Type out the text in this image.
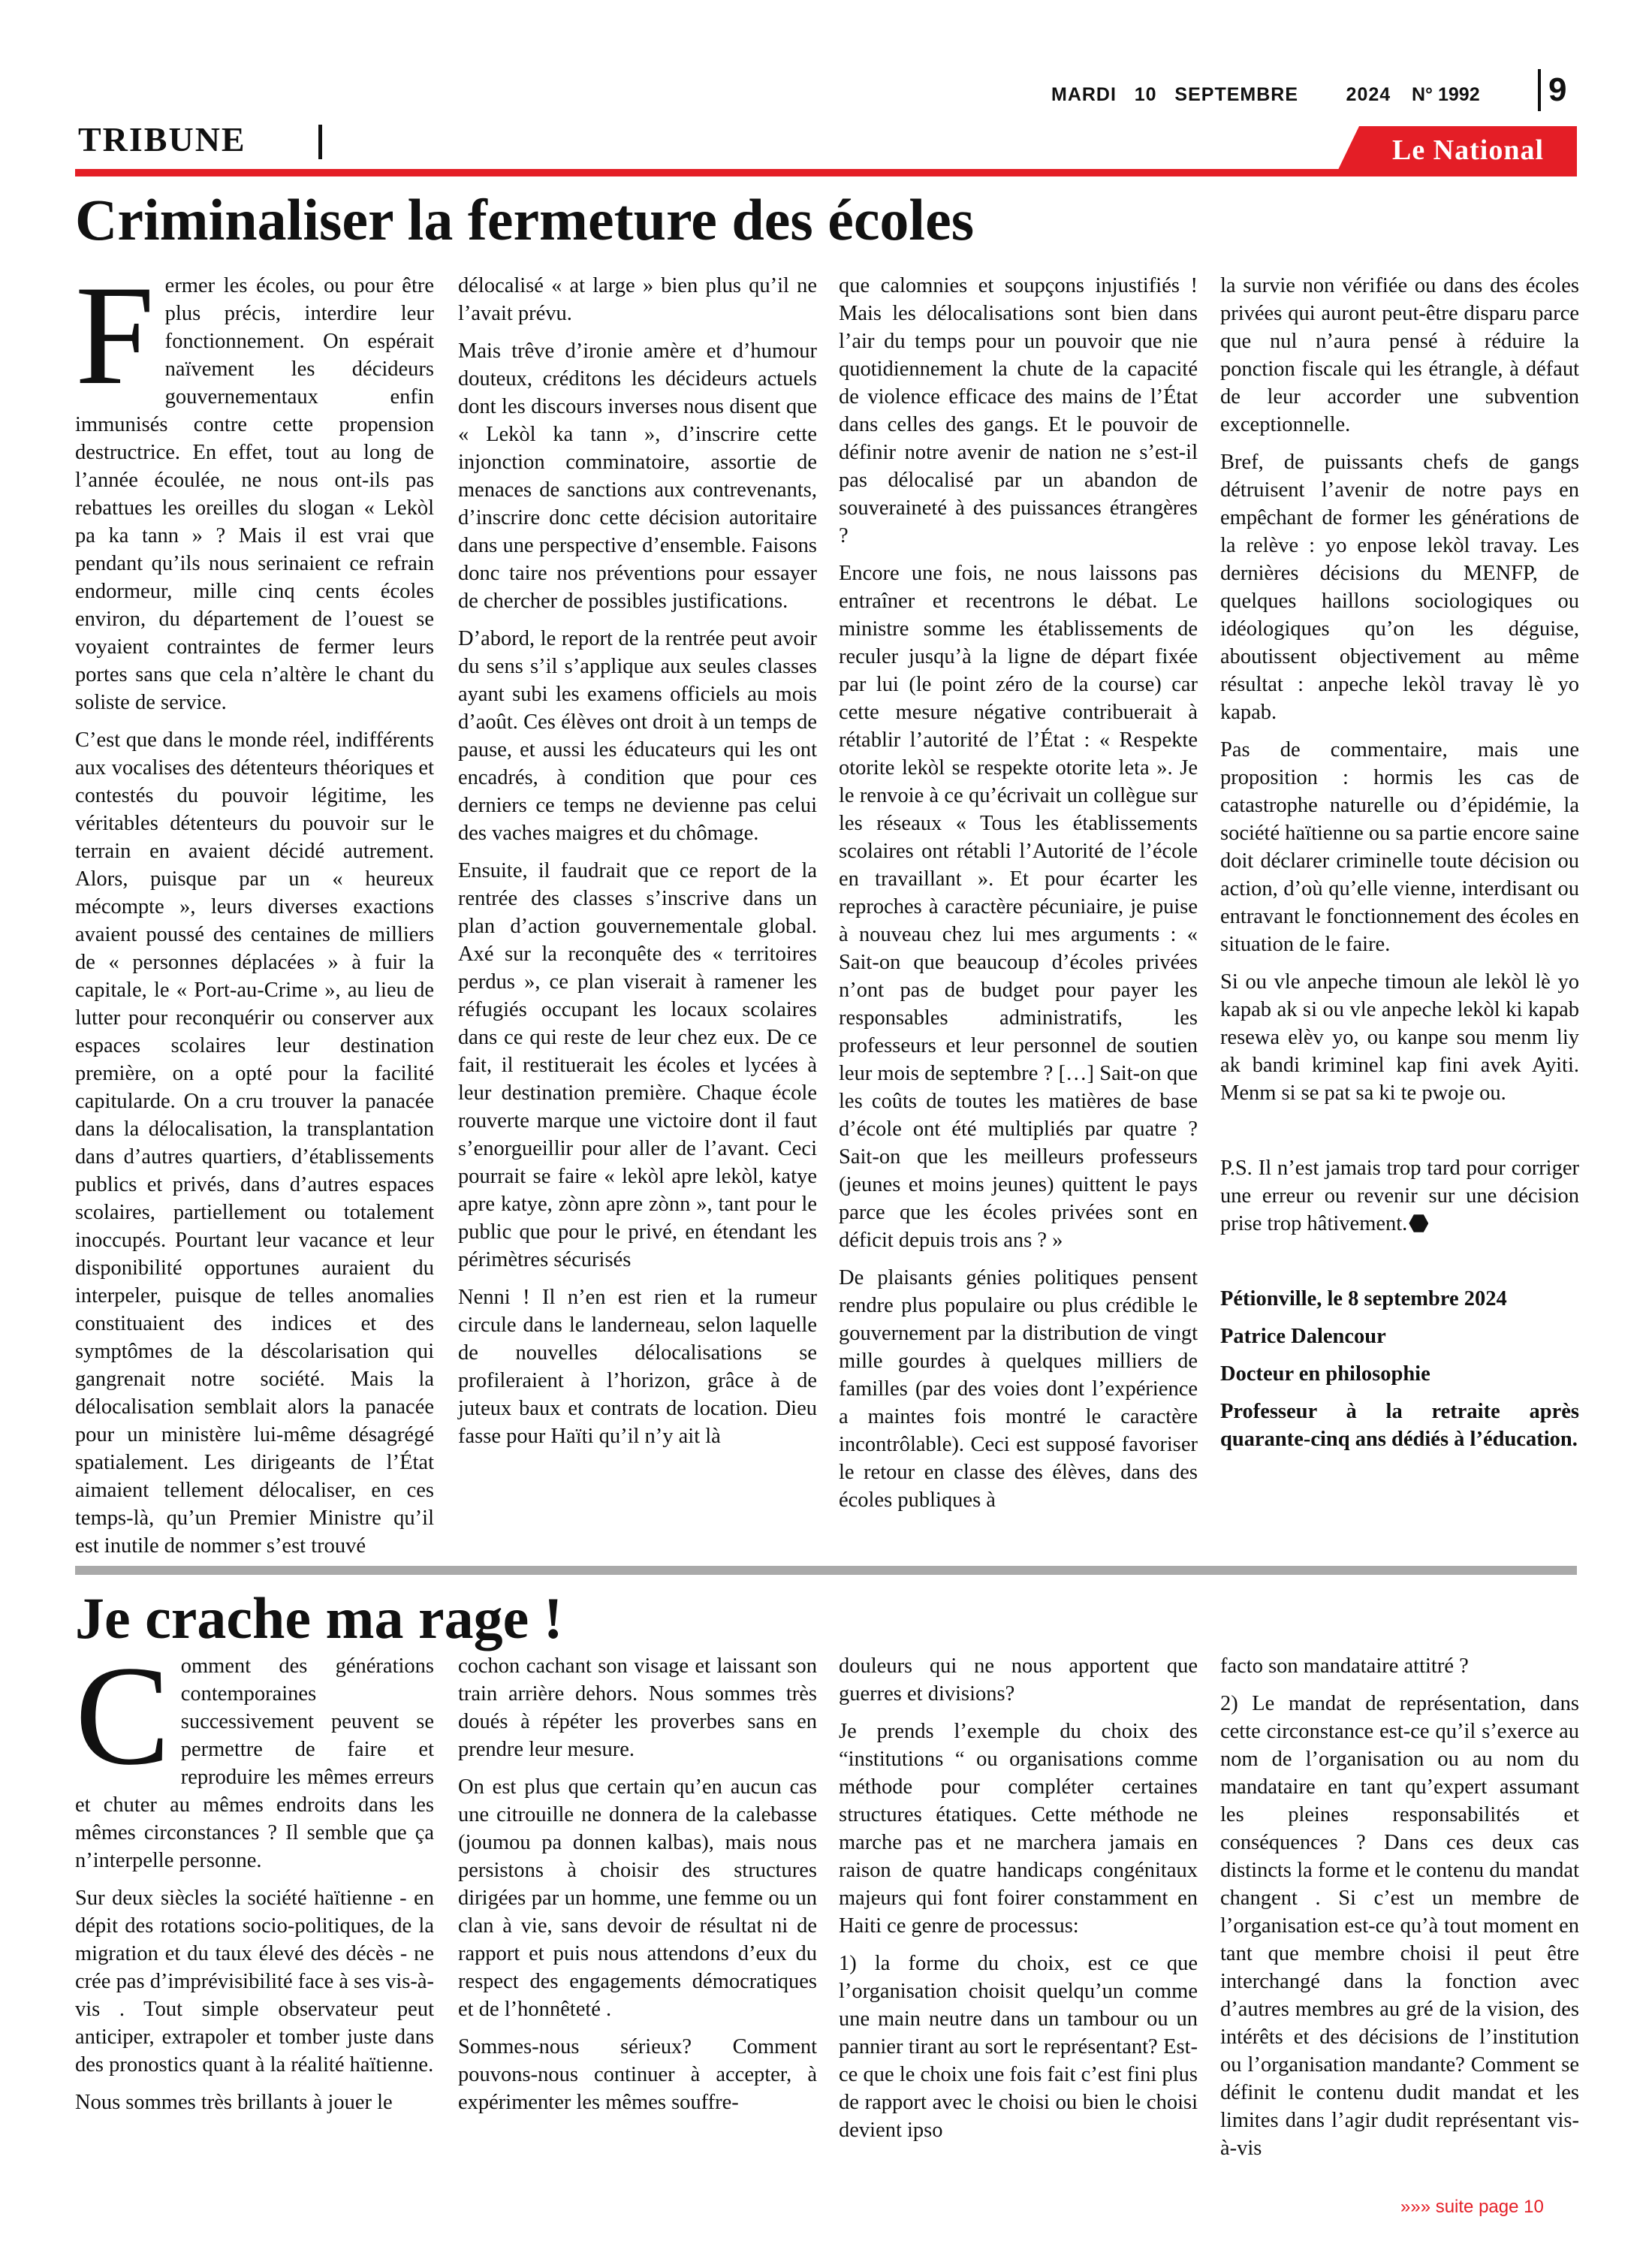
MARDI   10   SEPTEMBRE        2024 N° 1992 9
TRIBUNE	Le National
Criminaliser la fermeture des écoles
F ermer les écoles, ou pour être plus précis, interdire leur fonctionnement. On espérait naïvement les décideurs gouvernementaux enfin immunisés contre cette propension destructrice. En effet, tout au long de l’année écoulée, ne nous ont-ils pas rebattues les oreilles du slogan « Lekòl pa ka tann » ? Mais il est vrai que pendant qu’ils nous serinaient ce refrain endormeur, mille cinq cents écoles environ, du département de l’ouest se voyaient contraintes de fermer leurs portes sans que cela n’altère le chant du soliste de service.

C’est que dans le monde réel, indifférents aux vocalises des détenteurs théoriques et contestés du pouvoir légitime, les véritables détenteurs du pouvoir sur le terrain en avaient décidé autrement. Alors, puisque par un « heureux mécompte », leurs diverses exactions avaient poussé des centaines de milliers de « personnes déplacées » à fuir la capitale, le « Port-au-Crime », au lieu de lutter pour reconquérir ou conserver aux espaces scolaires leur destination première, on a opté pour la facilité capitularde. On a cru trouver la panacée dans la délocalisation, la transplantation dans d’autres quartiers, d’établissements publics et privés, dans d’autres espaces scolaires, partiellement ou totalement inoccupés. Pourtant leur vacance et leur disponibilité opportunes auraient du interpeler, puisque de telles anomalies constituaient des indices et des symptômes de la déscolarisation qui gangrenait notre société. Mais la délocalisation semblait alors la panacée pour un ministère lui-même désagrégé spatialement. Les dirigeants de l’État aimaient tellement délocaliser, en ces temps-là, qu’un Premier Ministre qu’il est inutile de nommer s’est trouvé

délocalisé « at large » bien plus qu’il ne l’avait prévu.

Mais trêve d’ironie amère et d’humour douteux, créditons les décideurs actuels dont les discours inverses nous disent que « Lekòl ka tann », d’inscrire cette injonction comminatoire, assortie de menaces de sanctions aux contrevenants, d’inscrire donc cette décision autoritaire dans une perspective d’ensemble. Faisons donc taire nos préventions pour essayer de chercher de possibles justifications.

D’abord, le report de la rentrée peut avoir du sens s’il s’applique aux seules classes ayant subi les examens officiels au mois d’août. Ces élèves ont droit à un temps de pause, et aussi les éducateurs qui les ont encadrés, à condition que pour ces derniers ce temps ne devienne pas celui des vaches maigres et du chômage.

Ensuite, il faudrait que ce report de la rentrée des classes s’inscrive dans un plan d’action gouvernementale global. Axé sur la reconquête des « territoires perdus », ce plan viserait à ramener les réfugiés occupant les locaux scolaires dans ce qui reste de leur chez eux. De ce fait, il restituerait les écoles et lycées à leur destination première. Chaque école rouverte marque une victoire dont il faut s’enorgueillir pour aller de l’avant. Ceci pourrait se faire « lekòl apre lekòl, katye apre katye, zònn apre zònn », tant pour le public que pour le privé, en étendant les périmètres sécurisés

Nenni ! Il n’en est rien et la rumeur circule dans le landerneau, selon laquelle de nouvelles délocalisations se profileraient à l’horizon, grâce à de juteux baux et contrats de location. Dieu fasse pour Haïti qu’il n’y ait là

que calomnies et soupçons injustifiés ! Mais les délocalisations sont bien dans l’air du temps pour un pouvoir que nie quotidiennement la chute de la capacité de violence efficace des mains de l’État dans celles des gangs. Et le pouvoir de définir notre avenir de nation ne s’est-il pas délocalisé par un abandon de souveraineté à des puissances étrangères ?

Encore une fois, ne nous laissons pas entraîner et recentrons le débat. Le ministre somme les établissements de reculer jusqu’à la ligne de départ fixée par lui (le point zéro de la course) car cette mesure négative contribuerait à rétablir l’autorité de l’État : « Respekte otorite lekòl se respekte otorite leta ». Je le renvoie à ce qu’écrivait un collègue sur les réseaux « Tous les établissements scolaires ont rétabli l’Autorité de l’école en travaillant ». Et pour écarter les reproches à caractère pécuniaire, je puise à nouveau chez lui mes arguments : « Sait-on que beaucoup d’écoles privées n’ont pas de budget pour payer les responsables administratifs, les professeurs et leur personnel de soutien leur mois de septembre ? […] Sait-on que les coûts de toutes les matières de base d’école ont été multipliés par quatre ? Sait-on que les meilleurs professeurs (jeunes et moins jeunes) quittent le pays parce que les écoles privées sont en déficit depuis trois ans ? »

De plaisants génies politiques pensent rendre plus populaire ou plus crédible le gouvernement par la distribution de vingt mille gourdes à quelques milliers de familles (par des voies dont l’expérience a maintes fois montré le caractère incontrôlable). Ceci est supposé favoriser le retour en classe des élèves, dans des écoles publiques à

la survie non vérifiée ou dans des écoles privées qui auront peut-être disparu parce que nul n’aura pensé à réduire la ponction fiscale qui les étrangle, à défaut de leur accorder une subvention exceptionnelle.

Bref, de puissants chefs de gangs détruisent l’avenir de notre pays en empêchant de former les générations de la relève : yo enpose lekòl travay. Les dernières décisions du MENFP, de quelques haillons sociologiques ou idéologiques qu’on les déguise, aboutissent objectivement au même résultat : anpeche lekòl travay lè yo kapab.

Pas de commentaire, mais une proposition : hormis les cas de catastrophe naturelle ou d’épidémie, la société haïtienne ou sa partie encore saine doit déclarer criminelle toute décision ou action, d’où qu’elle vienne, interdisant ou entravant le fonctionnement des écoles en situation de le faire.

Si ou vle anpeche timoun ale lekòl lè yo kapab ak si ou vle anpeche lekòl ki kapab resewa elèv yo, ou kanpe sou menm liy ak bandi kriminel kap fini avek Ayiti. Menm si se pat sa ki te pwoje ou.

P.S. Il n’est jamais trop tard pour corriger une erreur ou revenir sur une décision prise trop hâtivement.

Pétionville, le 8 septembre 2024

Patrice Dalencour

Docteur en philosophie

Professeur à la retraite après quarante-cinq ans dédiés à l’éducation.

Je crache ma rage !
C omment des générations contemporaines successivement peuvent se permettre de faire et reproduire les mêmes erreurs et chuter au mêmes endroits dans les mêmes circonstances ? Il semble que ça n’interpelle personne.

Sur deux siècles la société haïtienne - en dépit des rotations socio-politiques, de la migration et du taux élevé des décès - ne crée pas d’imprévisibilité face à ses vis-à-vis . Tout simple observateur peut anticiper, extrapoler et tomber juste dans des pronostics quant à la réalité haïtienne.

Nous sommes très brillants à jouer le

cochon cachant son visage et laissant son train arrière dehors. Nous sommes très doués à répéter les proverbes sans en prendre leur mesure.

On est plus que certain qu’en aucun cas une citrouille ne donnera de la calebasse (joumou pa donnen kalbas), mais nous persistons à choisir des structures dirigées par un homme, une femme ou un clan à vie, sans devoir de résultat ni de rapport et puis nous attendons d’eux du respect des engagements démocratiques et de l’honnêteté .

Sommes-nous sérieux? Comment pouvons-nous continuer à accepter, à expérimenter les mêmes souffre-

douleurs qui ne nous apportent que guerres et divisions?

Je prends l’exemple du choix des “institutions “ ou organisations comme méthode pour compléter certaines structures étatiques. Cette méthode ne marche pas et ne marchera jamais en raison de quatre handicaps congénitaux majeurs qui font foirer constamment en Haiti ce genre de processus:

1) la forme du choix, est ce que l’organisation choisit quelqu’un comme une main neutre dans un tambour ou un pannier tirant au sort le représentant? Est-ce que le choix une fois fait c’est fini plus de rapport avec le choisi ou bien le choisi devient ipso

facto son mandataire attitré ?

2) Le mandat de représentation, dans cette circonstance est-ce qu’il s’exerce au nom de l’organisation ou au nom du mandataire en tant qu’expert assumant les pleines responsabilités et conséquences ? Dans ces deux cas distincts la forme et le contenu du mandat changent . Si c’est un membre de l’organisation est-ce qu’à tout moment en tant que membre choisi il peut être interchangé dans la fonction avec d’autres membres au gré de la vision, des intérêts et des décisions de l’institution ou l’organisation mandante? Comment se définit le contenu dudit mandat et les limites dans l’agir dudit représentant vis-à-vis

»»» suite page 10
